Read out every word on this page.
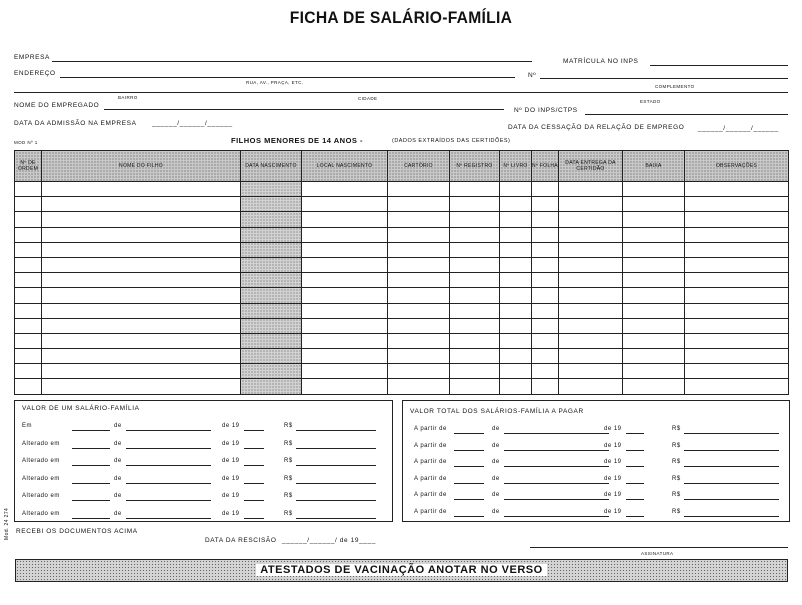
FICHA DE SALÁRIO-FAMÍLIA
EMPRESA
MATRÍCULA NO INPS
ENDEREÇO
RUA, AV., PRAÇA, ETC.
Nº
COMPLEMENTO
BAIRRO	CIDADE
ESTADO
NOME DO EMPREGADO
Nº DO INPS/CTPS
DATA DA ADMISSÃO NA EMPRESA ______/______/______
DATA DA CESSAÇÃO DA RELAÇÃO DE EMPREGO ______/______/______
MOD Nº 1	FILHOS MENORES DE 14 ANOS -	(DADOS EXTRAÍDOS DAS CERTIDÕES)
Nº DE ORDEM	NOME DO FILHO	DATA NASCIMENTO	LOCAL NASCIMENTO	CARTÓRIO	Nº REGISTRO	Nº LIVRO	Nº FOLHA	DATA ENTREGA DA CERTIDÃO	BAIXA	OBSERVAÇÕES

VALOR DE UM SALÁRIO-FAMÍLIA
Em	de	de 19	R$
Alterado em	de	de 19	R$
Alterado em	de	de 19	R$
Alterado em	de	de 19	R$
Alterado em	de	de 19	R$
Alterado em	de	de 19	R$
VALOR TOTAL DOS SALÁRIOS-FAMÍLIA A PAGAR
A partir de	de	de 19	R$
A partir de	de	de 19	R$
A partir de	de	de 19	R$
A partir de	de	de 19	R$
A partir de	de	de 19	R$
A partir de	de	de 19	R$
Mod. 24 274 RECEBI OS DOCUMENTOS ACIMA
DATA DA RESCISÃO ______/______/ de 19____
ASSINATURA
ATESTADOS DE VACINAÇÃO ANOTAR NO VERSO
